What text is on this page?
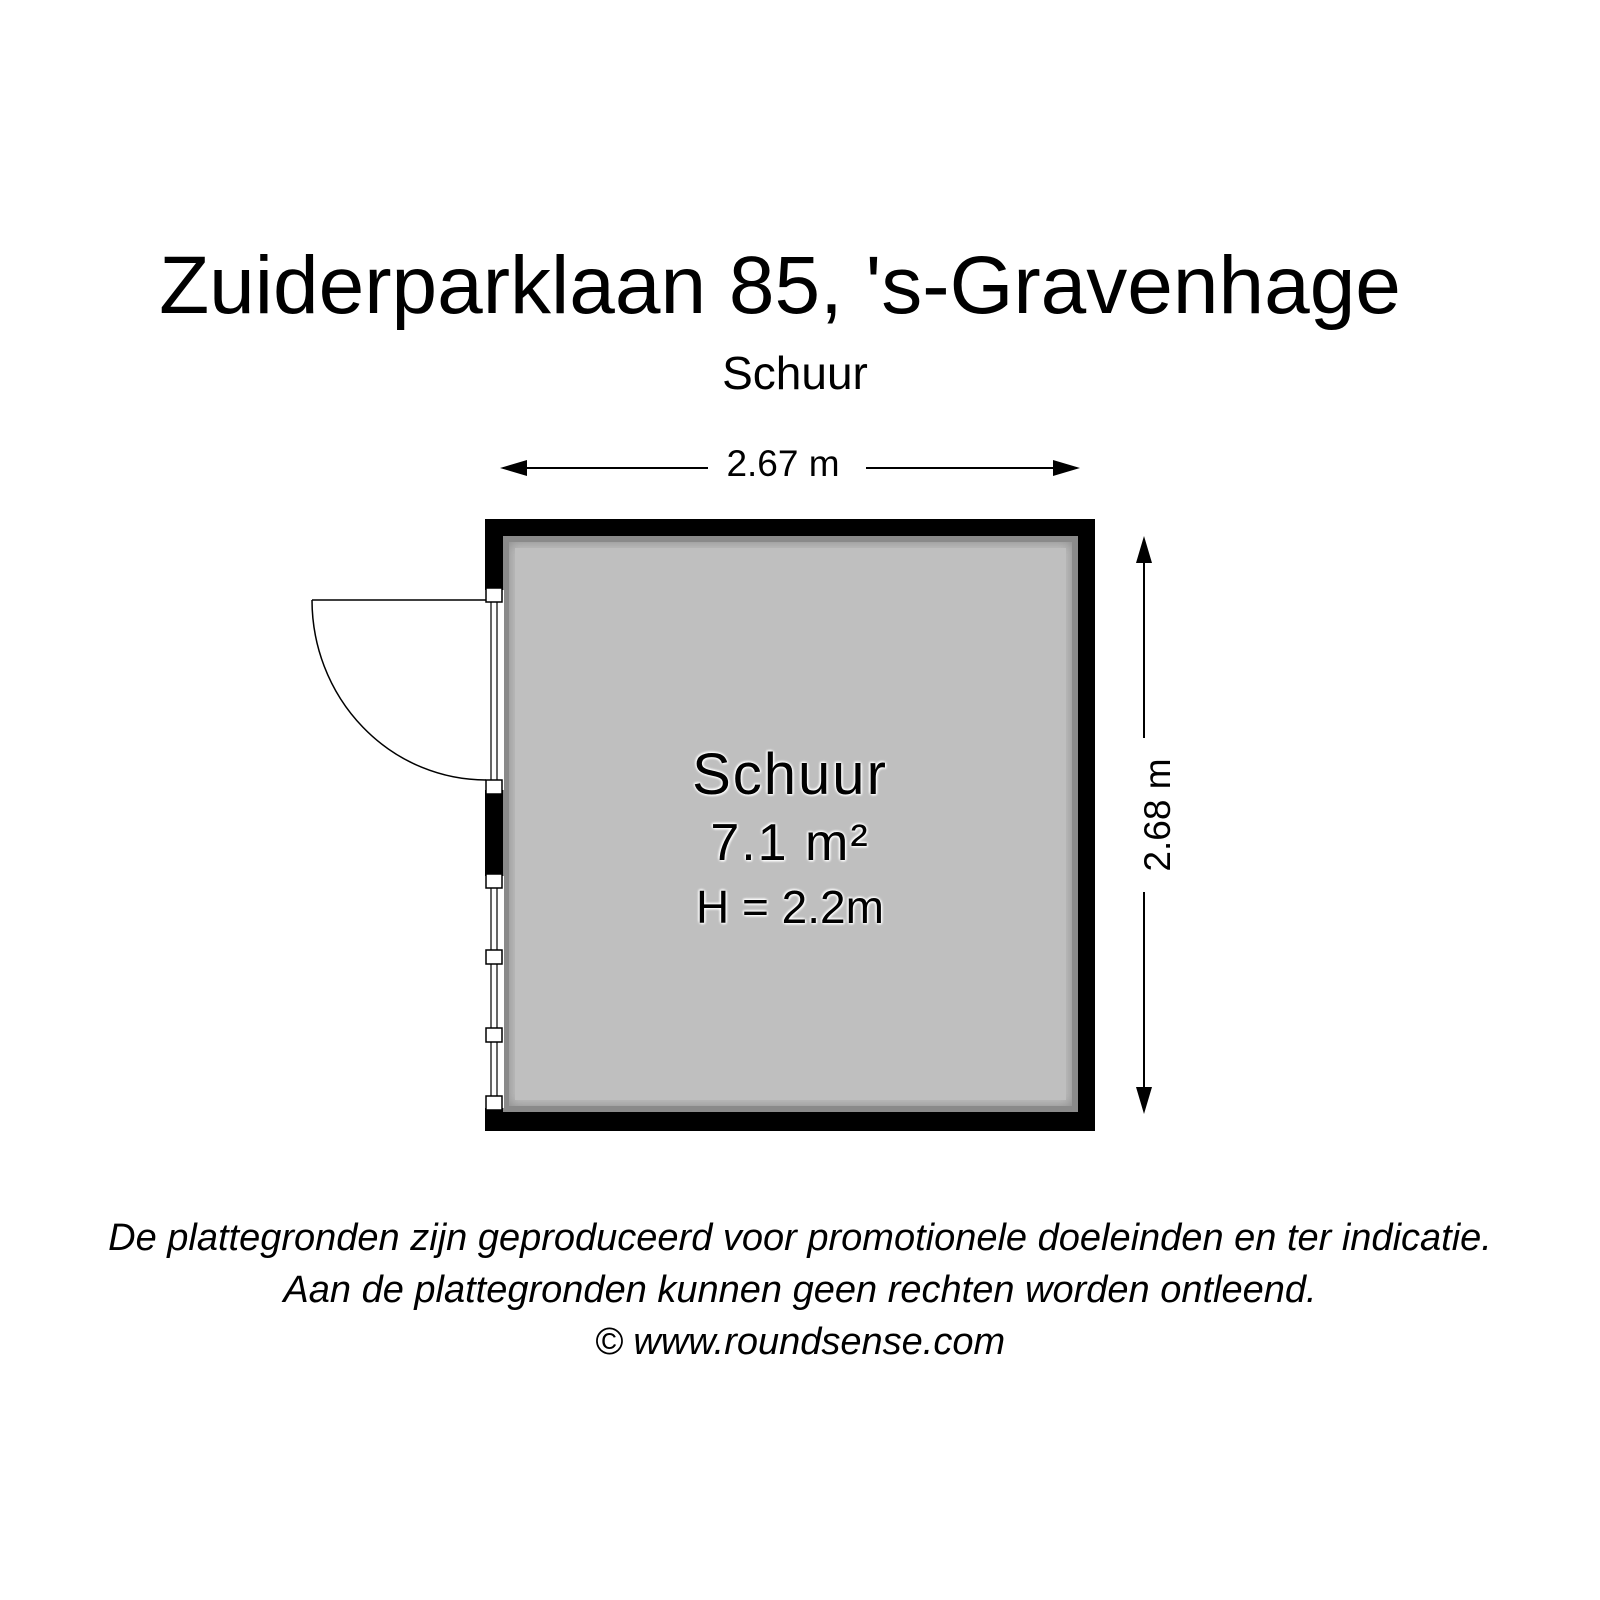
Zuiderparklaan 85, 's-Gravenhage
Schuur
2.67 m
2.68 m
Schuur
7.1 m²
H = 2.2m
De plattegronden zijn geproduceerd voor promotionele doeleinden en ter indicatie.
Aan de plattegronden kunnen geen rechten worden ontleend.
© www.roundsense.com
